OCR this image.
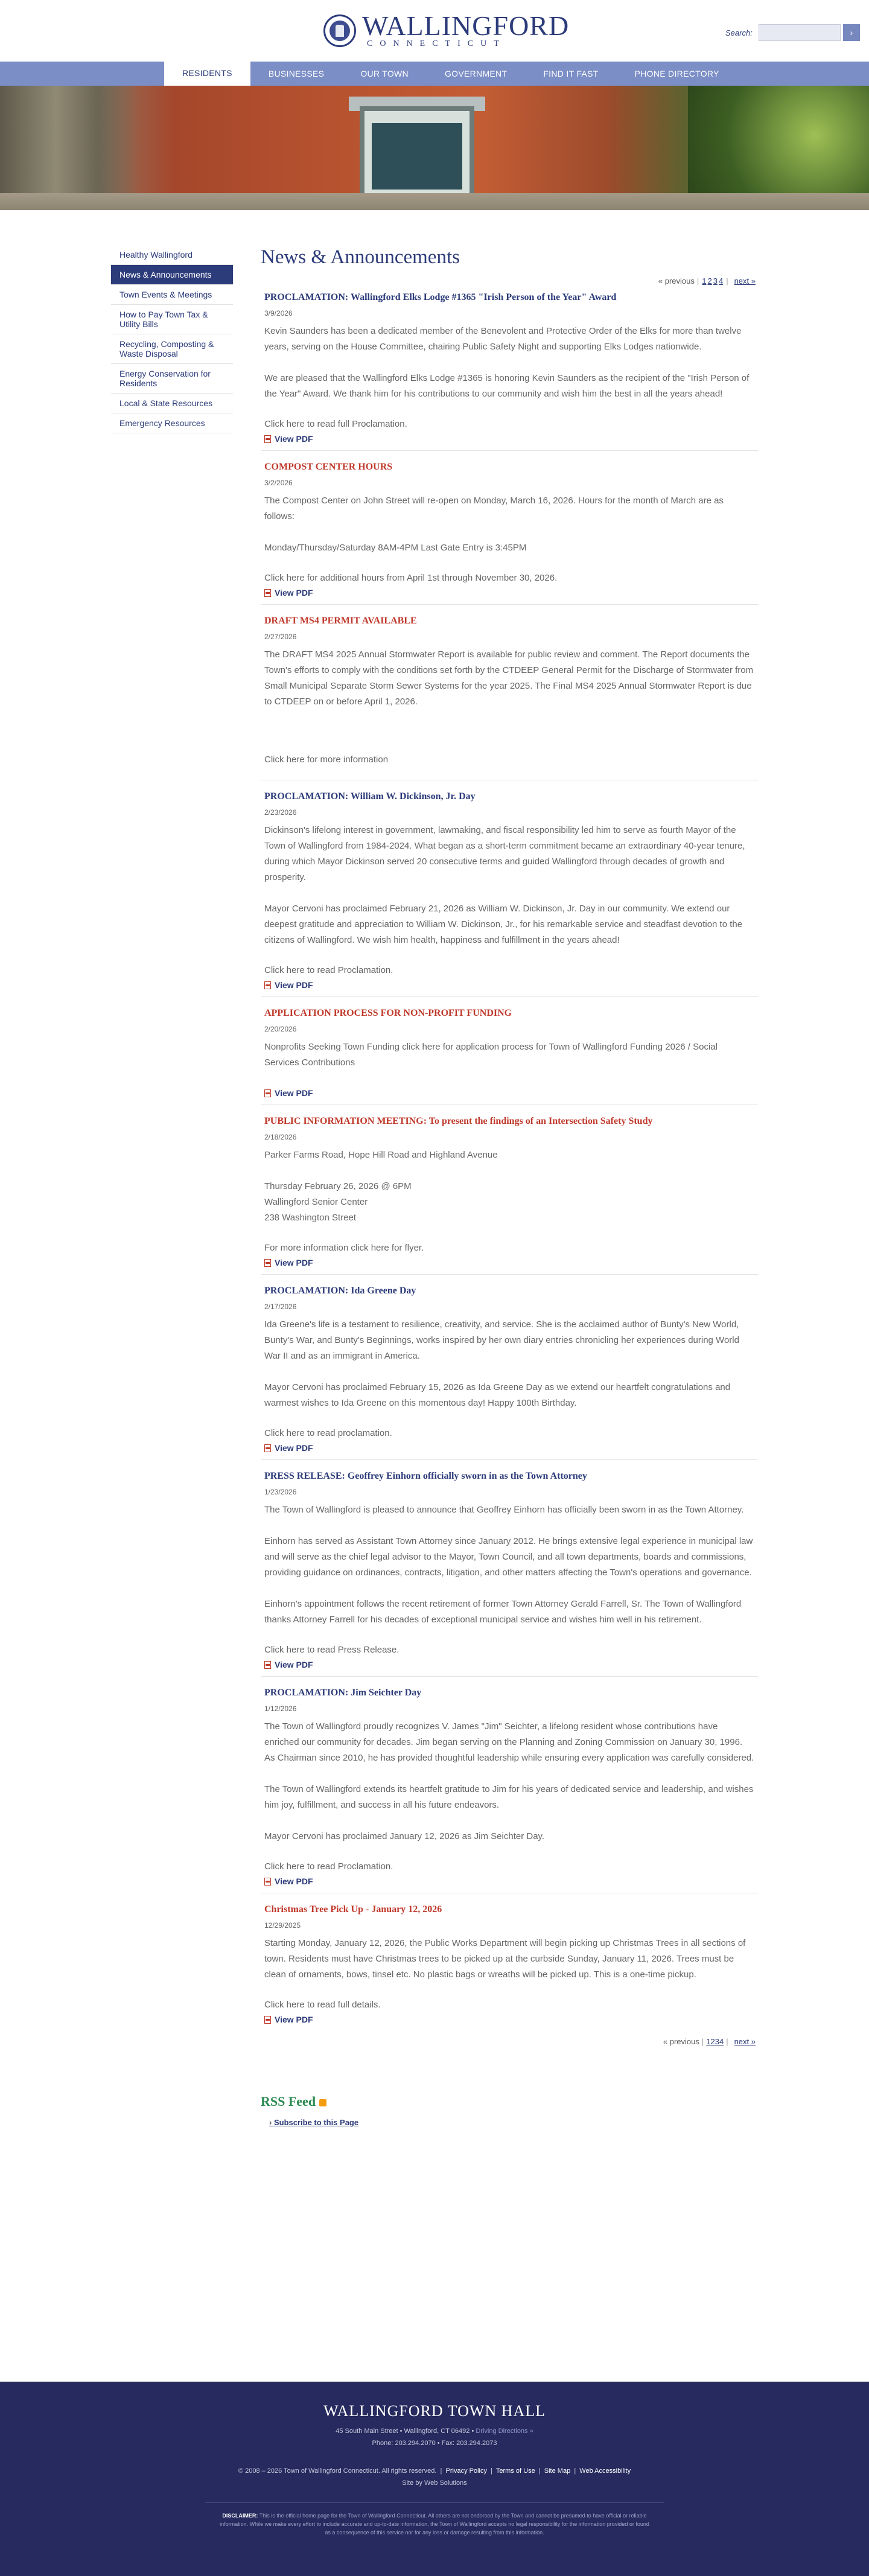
WALLINGFORD
CONNECTICUT
Search:	›
RESIDENTS	BUSINESSES	OUR TOWN	GOVERNMENT	FIND IT FAST	PHONE DIRECTORY
Healthy Wallingford
News & Announcements
Town Events & Meetings
How to Pay Town Tax & Utility Bills
Recycling, Composting & Waste Disposal
Energy Conservation for Residents
Local & State Resources
Emergency Resources
News & Announcements
« previous | 1 2 3 4 | next »
PROCLAMATION: Wallingford Elks Lodge #1365 "Irish Person of the Year" Award
3/9/2026

Kevin Saunders has been a dedicated member of the Benevolent and Protective Order of the Elks for more than twelve years, serving on the House Committee, chairing Public Safety Night and supporting Elks Lodges nationwide.

We are pleased that the Wallingford Elks Lodge #1365 is honoring Kevin Saunders as the recipient of the "Irish Person of the Year" Award. We thank him for his contributions to our community and wish him the best in all the years ahead!

Click here to read full Proclamation.
View PDF
COMPOST CENTER HOURS
3/2/2026

The Compost Center on John Street will re-open on Monday, March 16, 2026. Hours for the month of March are as follows:

Monday/Thursday/Saturday 8AM-4PM Last Gate Entry is 3:45PM

Click here for additional hours from April 1st through November 30, 2026.
View PDF
DRAFT MS4 PERMIT AVAILABLE
2/27/2026

The DRAFT MS4 2025 Annual Stormwater Report is available for public review and comment. The Report documents the Town's efforts to comply with the conditions set forth by the CTDEEP General Permit for the Discharge of Stormwater from Small Municipal Separate Storm Sewer Systems for the year 2025. The Final MS4 2025 Annual Stormwater Report is due to CTDEEP on or before April 1, 2026.

Click here for more information
PROCLAMATION: William W. Dickinson, Jr. Day
2/23/2026

Dickinson's lifelong interest in government, lawmaking, and fiscal responsibility led him to serve as fourth Mayor of the Town of Wallingford from 1984-2024. What began as a short-term commitment became an extraordinary 40-year tenure, during which Mayor Dickinson served 20 consecutive terms and guided Wallingford through decades of growth and prosperity.

Mayor Cervoni has proclaimed February 21, 2026 as William W. Dickinson, Jr. Day in our community. We extend our deepest gratitude and appreciation to William W. Dickinson, Jr., for his remarkable service and steadfast devotion to the citizens of Wallingford. We wish him health, happiness and fulfillment in the years ahead!

Click here to read Proclamation.
View PDF
APPLICATION PROCESS FOR NON-PROFIT FUNDING
2/20/2026

Nonprofits Seeking Town Funding click here for application process for Town of Wallingford Funding 2026 / Social Services Contributions

View PDF
PUBLIC INFORMATION MEETING: To present the findings of an Intersection Safety Study
2/18/2026

Parker Farms Road, Hope Hill Road and Highland Avenue

Thursday February 26, 2026 @ 6PM

Wallingford Senior Center

238 Washington Street

For more information click here for flyer.
View PDF
PROCLAMATION: Ida Greene Day
2/17/2026

Ida Greene's life is a testament to resilience, creativity, and service. She is the acclaimed author of Bunty's New World, Bunty's War, and Bunty's Beginnings, works inspired by her own diary entries chronicling her experiences during World War II and as an immigrant in America.

Mayor Cervoni has proclaimed February 15, 2026 as Ida Greene Day as we extend our heartfelt congratulations and warmest wishes to Ida Greene on this momentous day! Happy 100th Birthday.

Click here to read proclamation.
View PDF
PRESS RELEASE: Geoffrey Einhorn officially sworn in as the Town Attorney
1/23/2026

The Town of Wallingford is pleased to announce that Geoffrey Einhorn has officially been sworn in as the Town Attorney.

Einhorn has served as Assistant Town Attorney since January 2012. He brings extensive legal experience in municipal law and will serve as the chief legal advisor to the Mayor, Town Council, and all town departments, boards and commissions, providing guidance on ordinances, contracts, litigation, and other matters affecting the Town's operations and governance.

Einhorn's appointment follows the recent retirement of former Town Attorney Gerald Farrell, Sr. The Town of Wallingford thanks Attorney Farrell for his decades of exceptional municipal service and wishes him well in his retirement.

Click here to read Press Release.
View PDF
PROCLAMATION: Jim Seichter Day
1/12/2026

The Town of Wallingford proudly recognizes V. James "Jim" Seichter, a lifelong resident whose contributions have enriched our community for decades. Jim began serving on the Planning and Zoning Commission on January 30, 1996. As Chairman since 2010, he has provided thoughtful leadership while ensuring every application was carefully considered.

The Town of Wallingford extends its heartfelt gratitude to Jim for his years of dedicated service and leadership, and wishes him joy, fulfillment, and success in all his future endeavors.

Mayor Cervoni has proclaimed January 12, 2026 as Jim Seichter Day.

Click here to read Proclamation.
View PDF
Christmas Tree Pick Up - January 12, 2026
12/29/2025

Starting Monday, January 12, 2026, the Public Works Department will begin picking up Christmas Trees in all sections of town. Residents must have Christmas trees to be picked up at the curbside Sunday, January 11, 2026. Trees must be clean of ornaments, bows, tinsel etc. No plastic bags or wreaths will be picked up. This is a one-time pickup.

Click here to read full details.
View PDF
« previous | 1234 | next »
RSS Feed
› Subscribe to this Page
WALLINGFORD TOWN HALL
45 South Main Street • Wallingford, CT 06492 • Driving Directions »
Phone: 203.294.2070 • Fax: 203.294.2073
© 2008 – 2026 Town of Wallingford Connecticut. All rights reserved.  |  Privacy Policy  |  Terms of Use  |  Site Map  |  Web Accessibility
Site by Web Solutions
DISCLAIMER: This is the official home page for the Town of Wallingford Connecticut. All others are not endorsed by the Town and cannot be presumed to have official or reliable information. While we make every effort to include accurate and up-to-date information, the Town of Wallingford accepts no legal responsibility for the information provided or found as a consequence of this service nor for any loss or damage resulting from this information.
